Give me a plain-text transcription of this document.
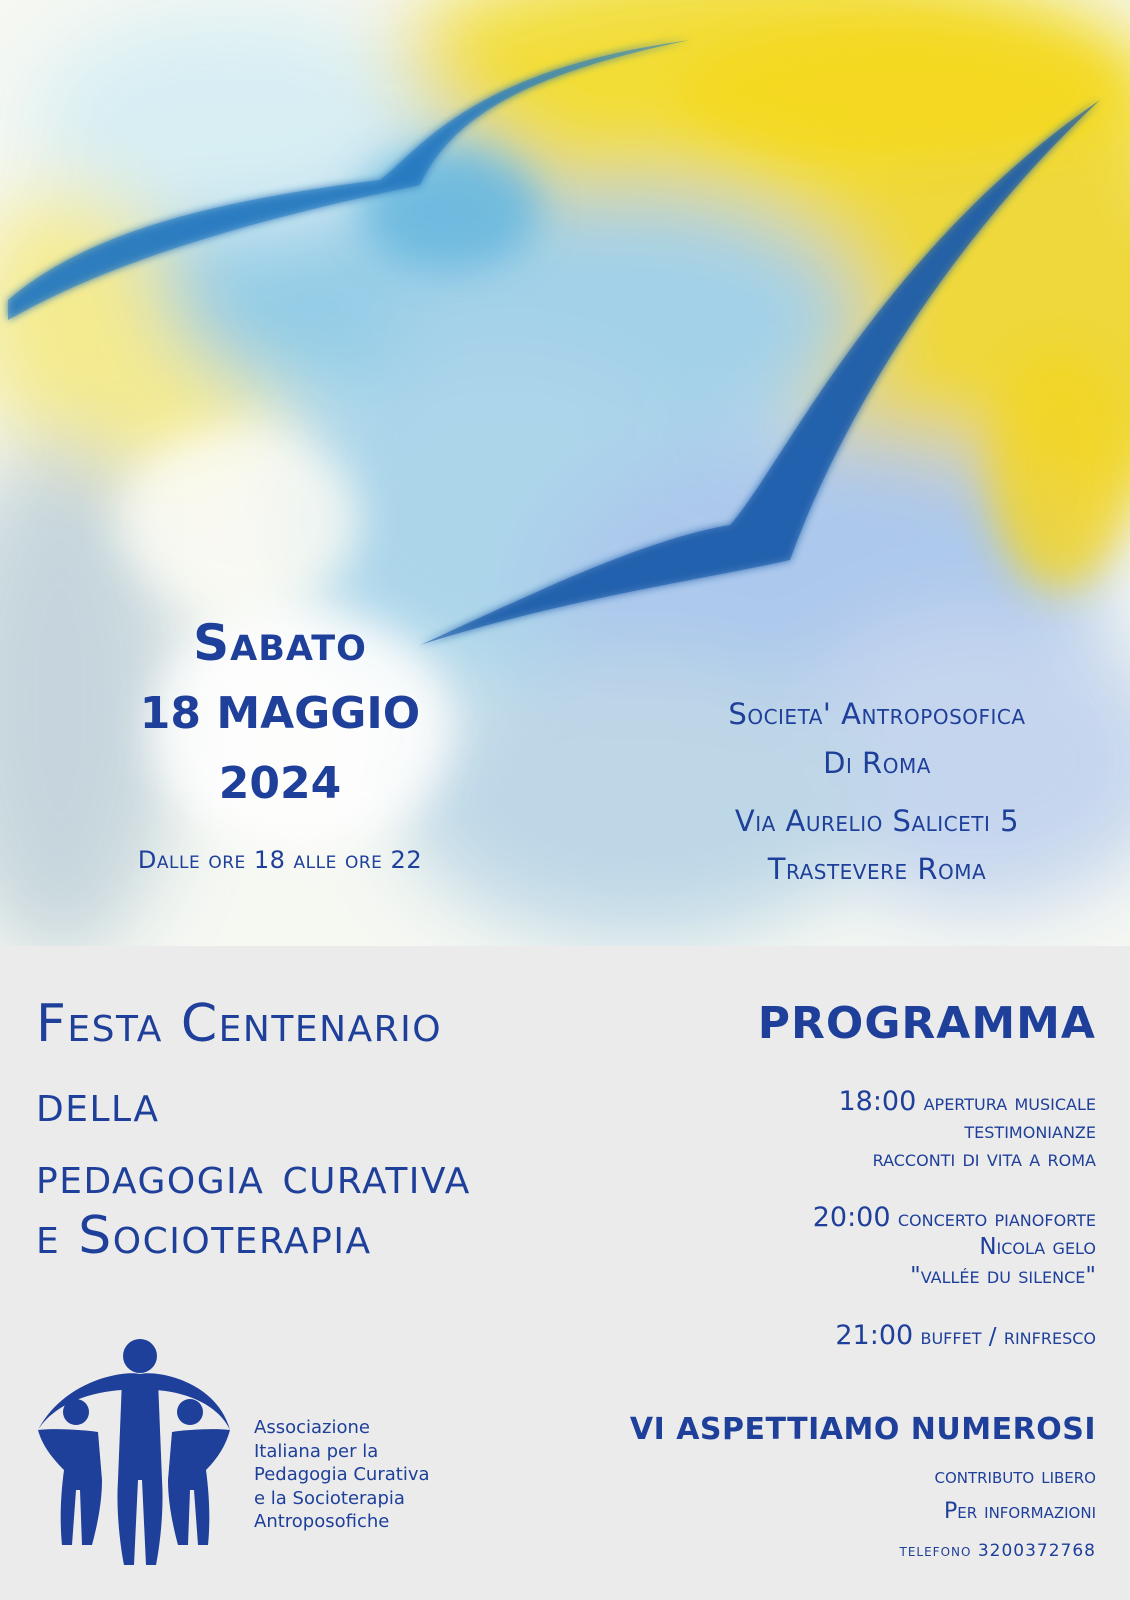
Sabato
18 MAGGIO
2024
Dalle ore 18 alle ore 22
Societa' Antroposofica
Di Roma
Via Aurelio Saliceti 5
Trastevere Roma
Festa Centenario
della
pedagogia curativa
e Socioterapia
PROGRAMMA
18:00 apertura musicale
testimonianze
racconti di vita a roma
20:00 concerto pianoforte
Nicola gelo
"vallée du silence"
21:00 buffet / rinfresco
VI ASPETTIAMO NUMEROSI
contributo libero
Per informazioni
telefono 3200372768
Associazione
Italiana per la
Pedagogia Curativa
e la Socioterapia
Antroposofiche
